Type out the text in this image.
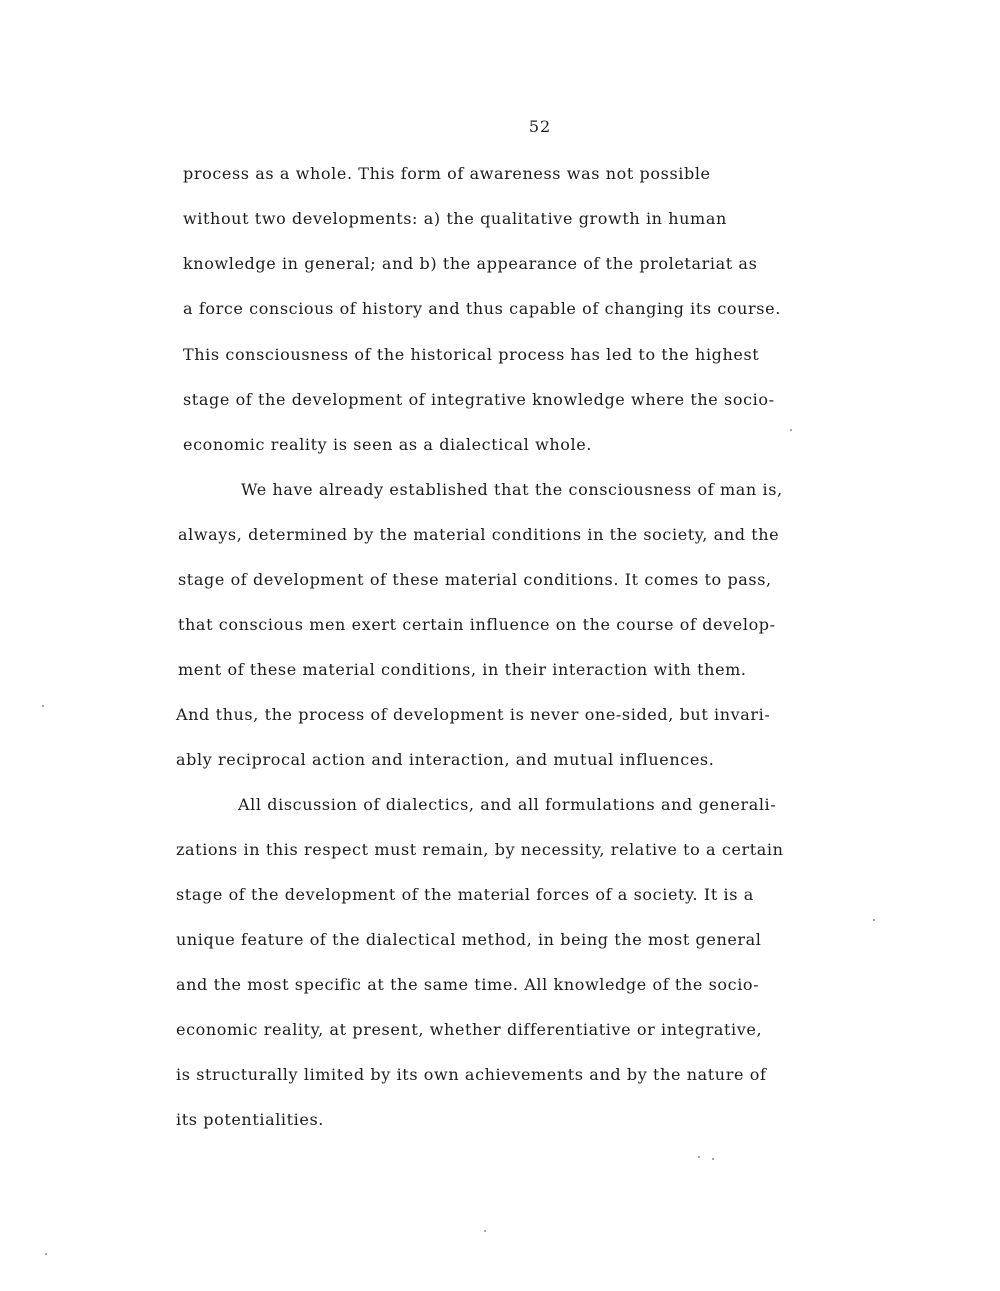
52
process as a whole. This form of awareness was not possible
without two developments: a) the qualitative growth in human
knowledge in general; and b) the appearance of the proletariat as
a force conscious of history and thus capable of changing its course.
This consciousness of the historical process has led to the highest
stage of the development of integrative knowledge where the socio-
economic reality is seen as a dialectical whole.
We have already established that the consciousness of man is,
always, determined by the material conditions in the society, and the
stage of development of these material conditions. It comes to pass,
that conscious men exert certain influence on the course of develop-
ment of these material conditions, in their interaction with them.
And thus, the process of development is never one-sided, but invari-
ably reciprocal action and interaction, and mutual influences.
All discussion of dialectics, and all formulations and generali-
zations in this respect must remain, by necessity, relative to a certain
stage of the development of the material forces of a society. It is a
unique feature of the dialectical method, in being the most general
and the most specific at the same time. All knowledge of the socio-
economic reality, at present, whether differentiative or integrative,
is structurally limited by its own achievements and by the nature of
its potentialities.
